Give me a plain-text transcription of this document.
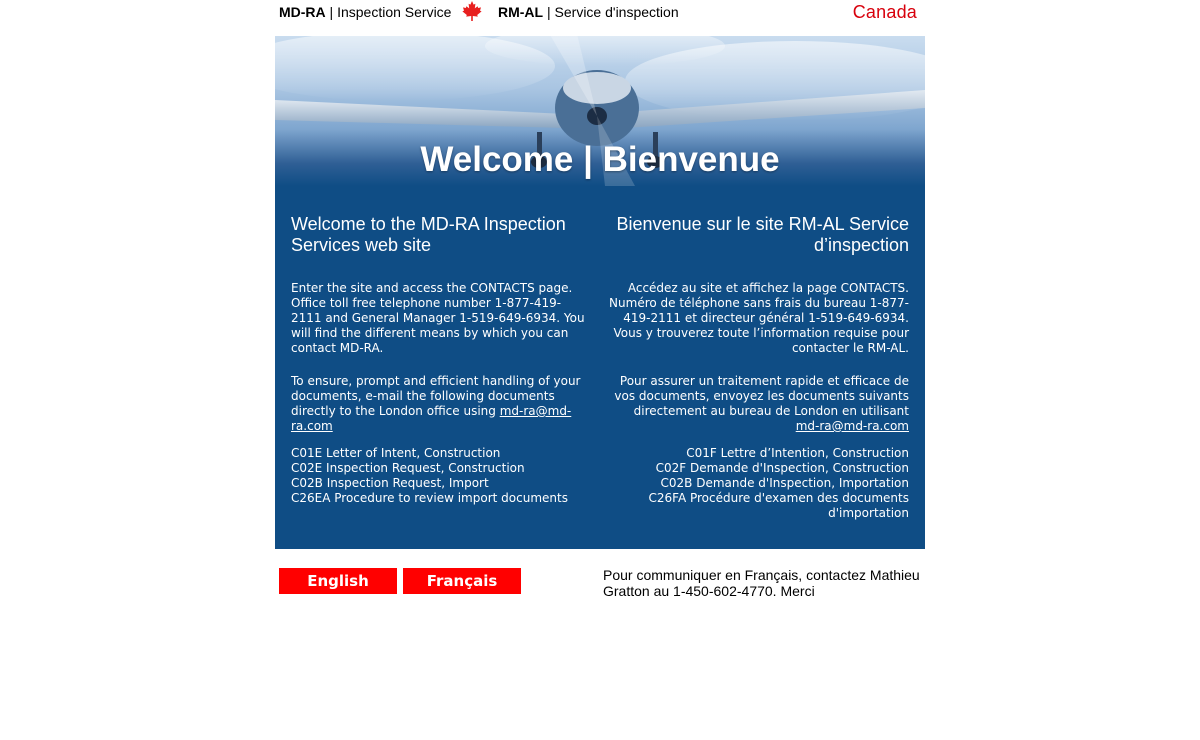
MD-RA | Inspection Service	RM-AL | Service d'inspection	Canada
Welcome | Bienvenue
Welcome to the MD-RA Inspection Services web site

Enter the site and access the CONTACTS page. Office toll free telephone number 1-877-419-2111 and General Manager 1-519-649-6934. You will find the different means by which you can contact MD-RA.

To ensure, prompt and efficient handling of your documents, e-mail the following documents directly to the London office using md-ra@md-ra.com

C01E Letter of Intent, Construction
C02E Inspection Request, Construction
C02B Inspection Request, Import
C26EA Procedure to review import documents
Bienvenue sur le site RM-AL Service d’inspection

Accédez au site et affichez la page CONTACTS. Numéro de téléphone sans frais du bureau 1-877-419-2111 et directeur général 1-519-649-6934. Vous y trouverez toute l’information requise pour contacter le RM-AL.

Pour assurer un traitement rapide et efficace de vos documents, envoyez les documents suivants directement au bureau de London en utilisant
md-ra@md-ra.com

C01F Lettre d’Intention, Construction
C02F Demande d'Inspection, Construction
C02B Demande d'Inspection, Importation
C26FA Procédure d'examen des documents d'importation
English	Français	Pour communiquer en Français, contactez Mathieu Gratton au 1-450-602-4770. Merci
